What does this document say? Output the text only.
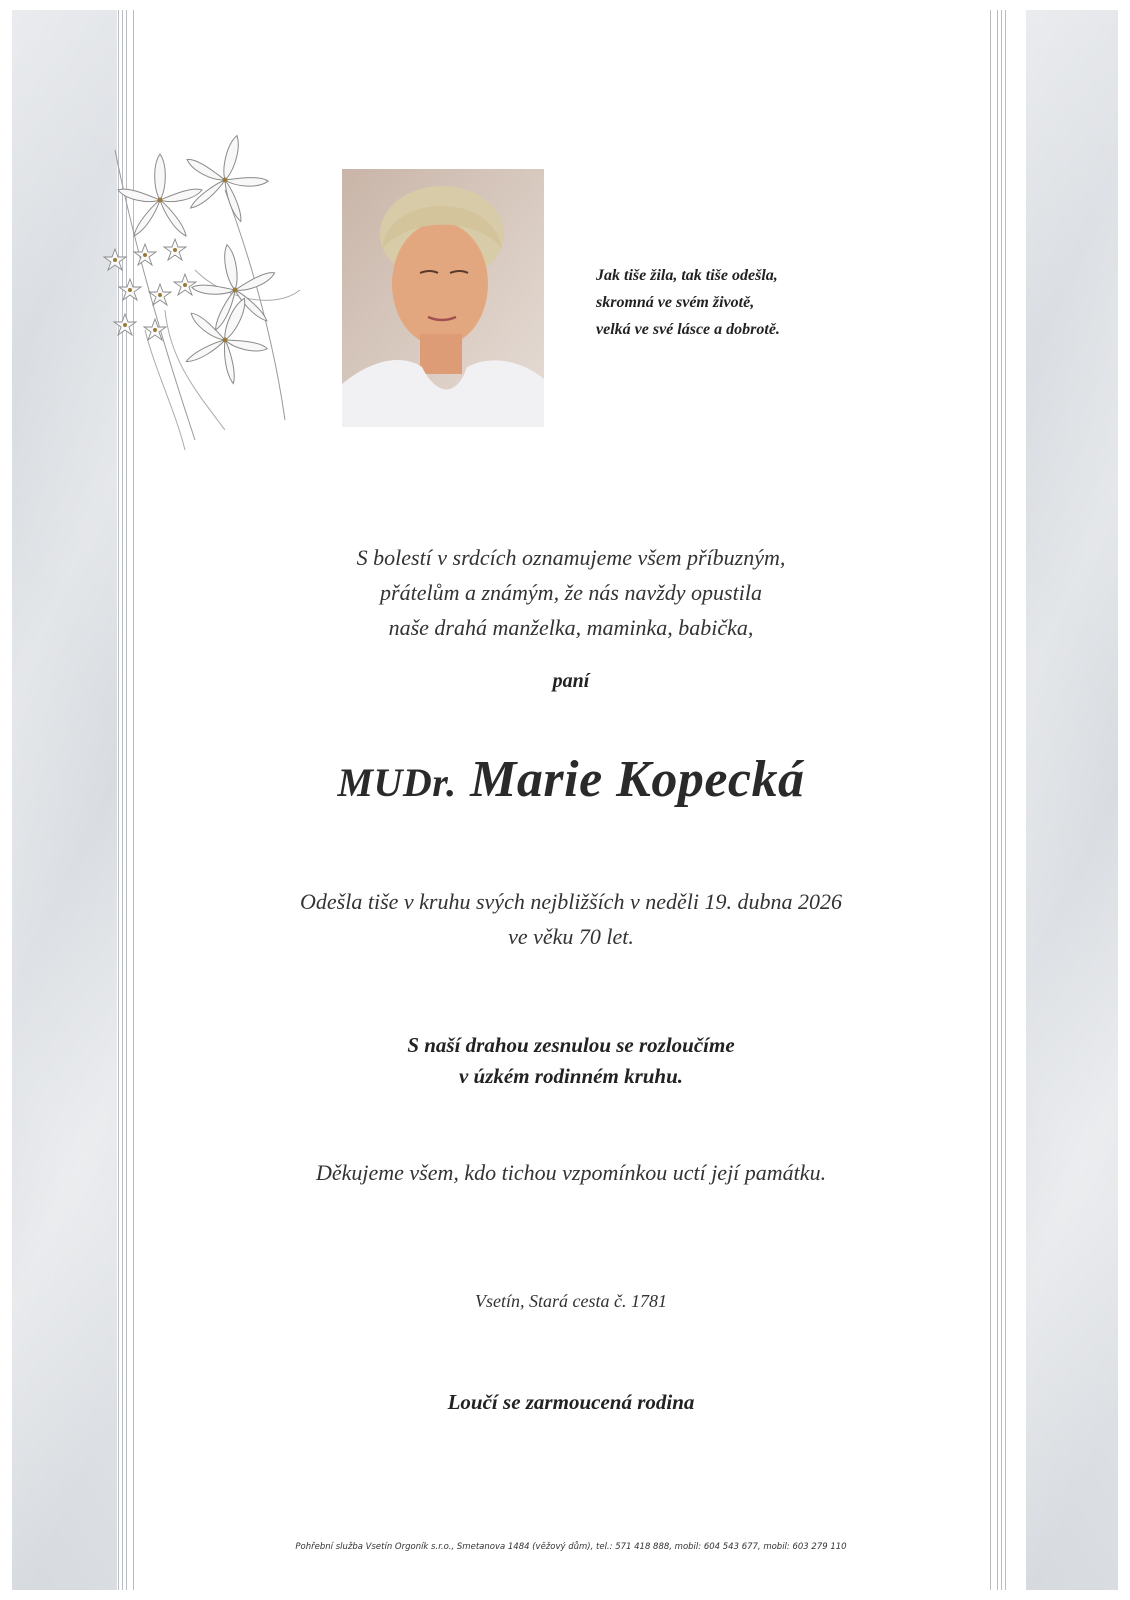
Jak tiše žila, tak tiše odešla,
skromná ve svém životě,
velká ve své lásce a dobrotě.
S bolestí v srdcích oznamujeme všem příbuzným,
přátelům a známým, že nás navždy opustila
naše drahá manželka, maminka, babička,
paní
MUDr. Marie Kopecká
Odešla tiše v kruhu svých nejbližších v neděli 19. dubna 2026
ve věku 70 let.
S naší drahou zesnulou se rozloučíme
v úzkém rodinném kruhu.
Děkujeme všem, kdo tichou vzpomínkou uctí její památku.
Vsetín, Stará cesta č. 1781
Loučí se zarmoucená rodina
Pohřební služba Vsetín Orgoník s.r.o., Smetanova 1484 (věžový dům), tel.: 571 418 888, mobil: 604 543 677, mobil: 603 279 110
